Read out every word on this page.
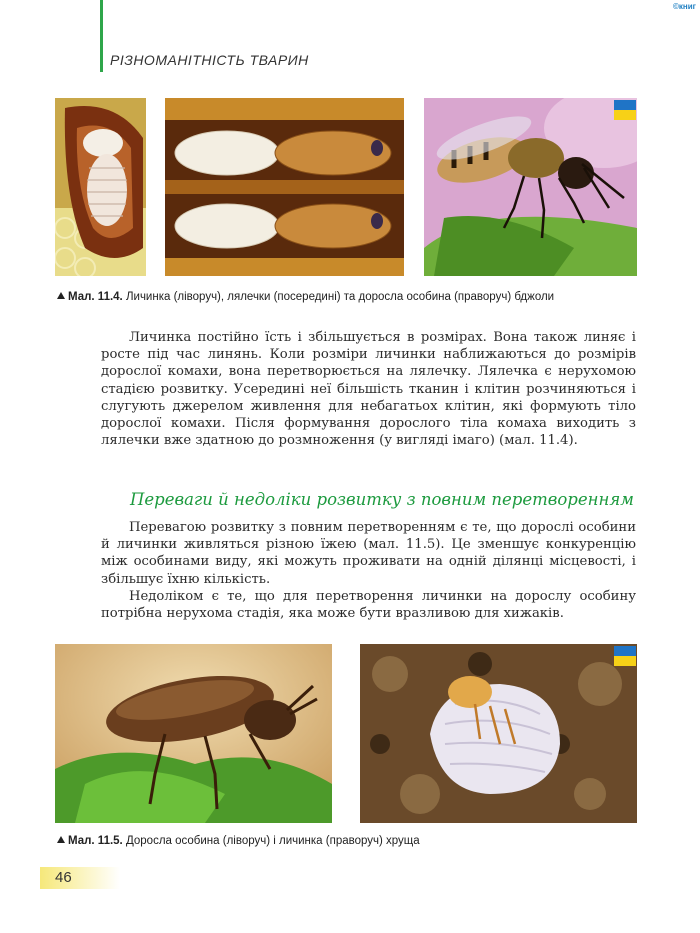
РІЗНОМАНІТНІСТЬ ТВАРИН
©книг
Мал. 11.4. Личинка (ліворуч), лялечки (посередині) та доросла особина (праворуч) бджоли

Личинка постійно їсть і збільшується в розмірах. Вона також линяє і росте під час линянь. Коли розміри личинки наближаються до розмірів дорослої комахи, вона перетворюється на лялечку. Лялечка є нерухомою стадією розвитку. Усередині неї більшість тканин і клітин розчиняються і слугують джерелом живлення для небагатьох клітин, які формують тіло дорослої комахи. Після формування дорослого тіла комаха виходить з лялечки вже здатною до розмноження (у вигляді імаго) (мал. 11.4).

Переваги й недоліки розвитку з повним перетворенням

Перевагою розвитку з повним перетворенням є те, що дорослі особини й личинки живляться різною їжею (мал. 11.5). Це зменшує конкуренцію між особинами виду, які можуть проживати на одній ділянці місцевості, і збільшує їхню кількість.

Недоліком є те, що для перетворення личинки на дорослу особину потрібна нерухома стадія, яка може бути вразливою для хижаків.

Мал. 11.5. Доросла особина (ліворуч) і личинка (праворуч) хруща
46
